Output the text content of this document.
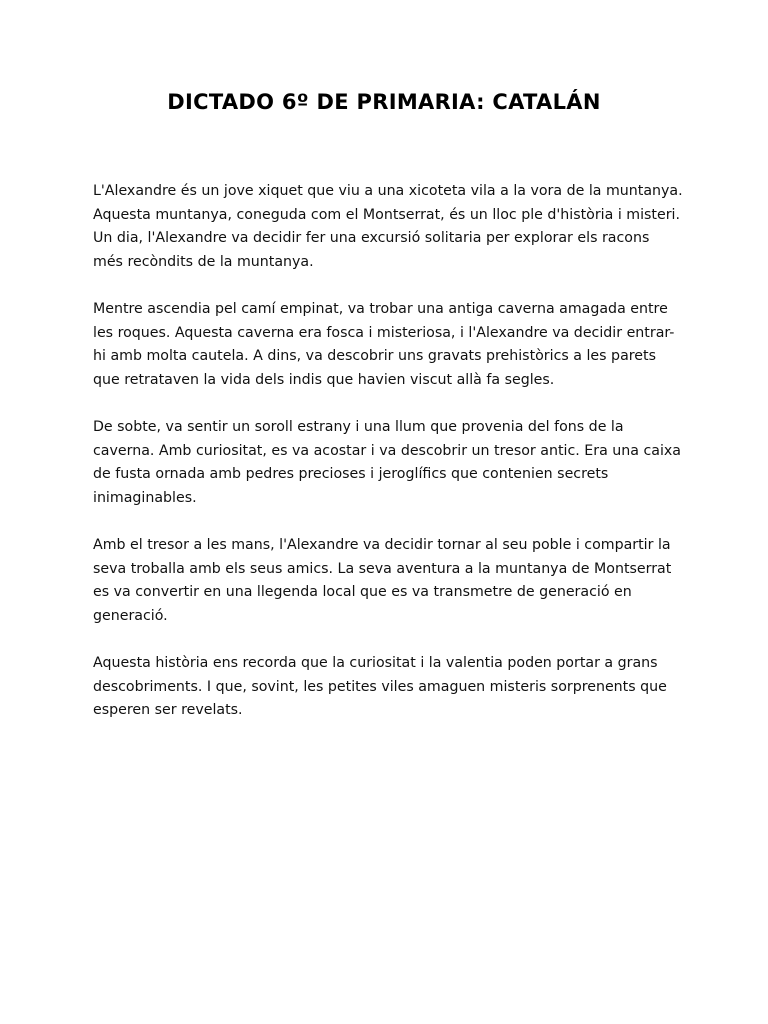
DICTADO 6º DE PRIMARIA: CATALÁN

L'Alexandre és un jove xiquet que viu a una xicoteta vila a la vora de la muntanya. Aquesta muntanya, coneguda com el Montserrat, és un lloc ple d'història i misteri. Un dia, l'Alexandre va decidir fer una excursió solitaria per explorar els racons més recòndits de la muntanya.

Mentre ascendia pel camí empinat, va trobar una antiga caverna amagada entre les roques. Aquesta caverna era fosca i misteriosa, i l'Alexandre va decidir entrar-hi amb molta cautela. A dins, va descobrir uns gravats prehistòrics a les parets que retrataven la vida dels indis que havien viscut allà fa segles.

De sobte, va sentir un soroll estrany i una llum que provenia del fons de la caverna. Amb curiositat, es va acostar i va descobrir un tresor antic. Era una caixa de fusta ornada amb pedres precioses i jeroglífics que contenien secrets inimaginables.

Amb el tresor a les mans, l'Alexandre va decidir tornar al seu poble i compartir la seva troballa amb els seus amics. La seva aventura a la muntanya de Montserrat es va convertir en una llegenda local que es va transmetre de generació en generació.

Aquesta història ens recorda que la curiositat i la valentia poden portar a grans descobriments. I que, sovint, les petites viles amaguen misteris sorprenents que esperen ser revelats.
